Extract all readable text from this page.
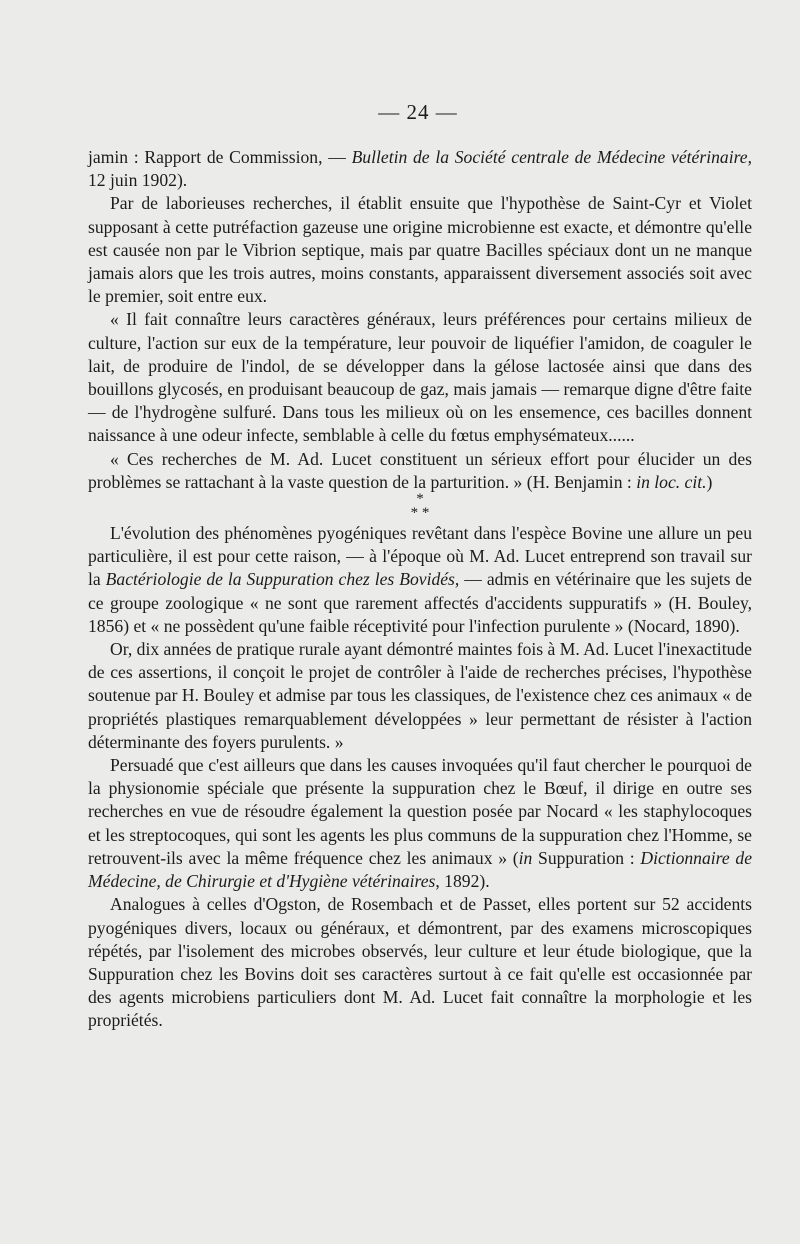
— 24 —

jamin : Rapport de Commission, — Bulletin de la Société centrale de Médecine vétérinaire, 12 juin 1902).

Par de laborieuses recherches, il établit ensuite que l'hypothèse de Saint-Cyr et Violet supposant à cette putréfaction gazeuse une origine microbienne est exacte, et démontre qu'elle est causée non par le Vibrion septique, mais par quatre Bacilles spéciaux dont un ne manque jamais alors que les trois autres, moins constants, apparaissent diversement associés soit avec le premier, soit entre eux.

« Il fait connaître leurs caractères généraux, leurs préférences pour certains milieux de culture, l'action sur eux de la température, leur pouvoir de liquéfier l'amidon, de coaguler le lait, de produire de l'indol, de se développer dans la gélose lactosée ainsi que dans des bouillons glycosés, en produisant beaucoup de gaz, mais jamais — remarque digne d'être faite — de l'hydrogène sulfuré. Dans tous les milieux où on les ensemence, ces bacilles donnent naissance à une odeur infecte, semblable à celle du fœtus emphysémateux......

« Ces recherches de M. Ad. Lucet constituent un sérieux effort pour élucider un des problèmes se rattachant à la vaste question de la parturition. » (H. Benjamin : in loc. cit.)

*
* *

L'évolution des phénomènes pyogéniques revêtant dans l'espèce Bovine une allure un peu particulière, il est pour cette raison, — à l'époque où M. Ad. Lucet entreprend son travail sur la Bactériologie de la Suppuration chez les Bovidés, — admis en vétérinaire que les sujets de ce groupe zoologique « ne sont que rarement affectés d'accidents suppuratifs » (H. Bouley, 1856) et « ne possèdent qu'une faible réceptivité pour l'infection purulente » (Nocard, 1890).

Or, dix années de pratique rurale ayant démontré maintes fois à M. Ad. Lucet l'inexactitude de ces assertions, il conçoit le projet de contrôler à l'aide de recherches précises, l'hypothèse soutenue par H. Bouley et admise par tous les classiques, de l'existence chez ces animaux « de propriétés plastiques remarquablement développées » leur permettant de résister à l'action déterminante des foyers purulents. »

Persuadé que c'est ailleurs que dans les causes invoquées qu'il faut chercher le pourquoi de la physionomie spéciale que présente la suppuration chez le Bœuf, il dirige en outre ses recherches en vue de résoudre également la question posée par Nocard « les staphylocoques et les streptocoques, qui sont les agents les plus communs de la suppuration chez l'Homme, se retrouvent-ils avec la même fréquence chez les animaux » (in Suppuration : Dictionnaire de Médecine, de Chirurgie et d'Hygiène vétérinaires, 1892).

Analogues à celles d'Ogston, de Rosembach et de Passet, elles portent sur 52 accidents pyogéniques divers, locaux ou généraux, et démontrent, par des examens microscopiques répétés, par l'isolement des microbes observés, leur culture et leur étude biologique, que la Suppuration chez les Bovins doit ses caractères surtout à ce fait qu'elle est occasionnée par des agents microbiens particuliers dont M. Ad. Lucet fait connaître la morphologie et les propriétés.
